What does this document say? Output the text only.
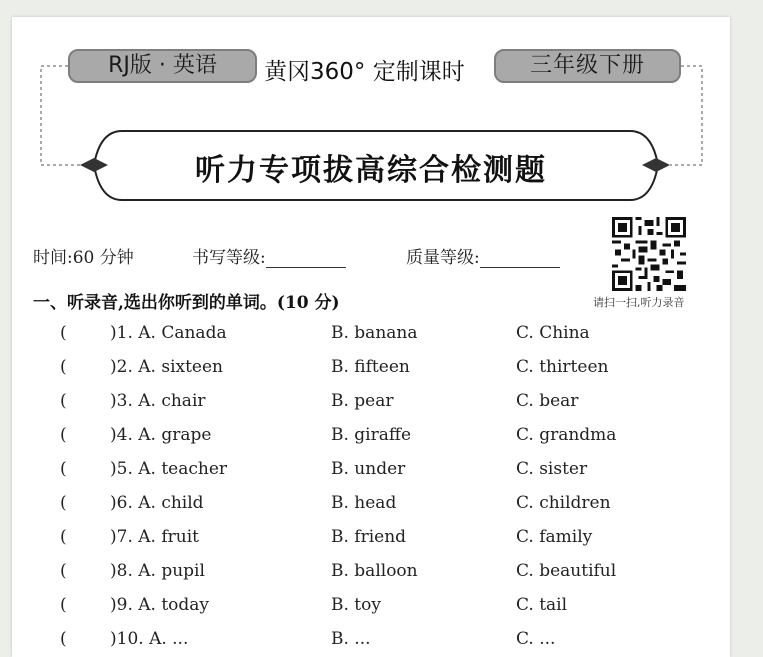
RJ版 · 英语	黄冈360° 定制课时	三年级下册
听力专项拔高综合检测题
时间:60 分钟	书写等级:	质量等级:
请扫一扫,听力录音
一、听录音,选出你听到的单词。(10 分)
(	)1. A. Canada	B. banana	C. China
(	)2. A. sixteen	B. fifteen	C. thirteen
(	)3. A. chair	B. pear	C. bear
(	)4. A. grape	B. giraffe	C. grandma
(	)5. A. teacher	B. under	C. sister
(	)6. A. child	B. head	C. children
(	)7. A. fruit	B. friend	C. family
(	)8. A. pupil	B. balloon	C. beautiful
(	)9. A. today	B. toy	C. tail
(	)10. A. ...	B. ...	C. ...
